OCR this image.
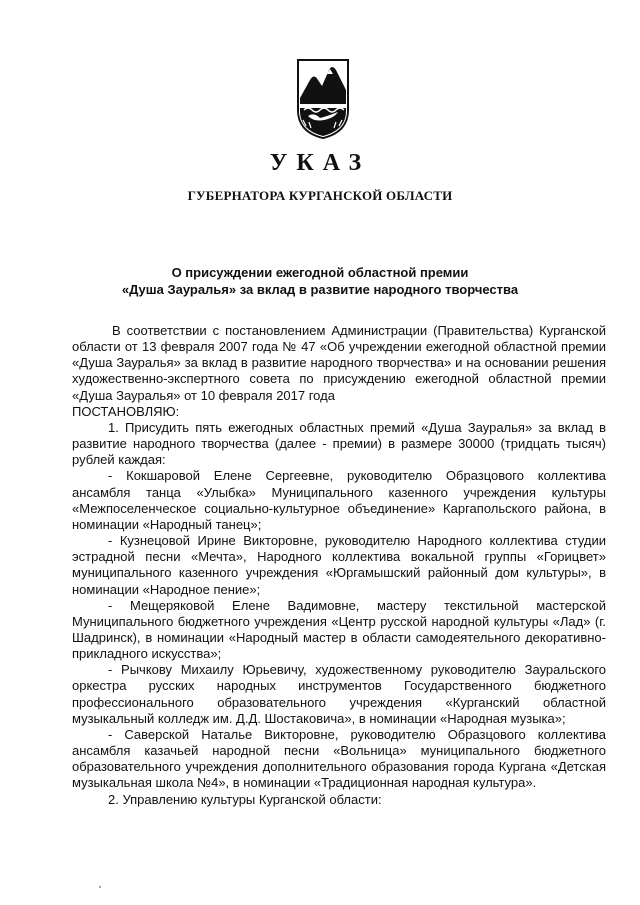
УКАЗ
ГУБЕРНАТОРА КУРГАНСКОЙ ОБЛАСТИ
О присуждении ежегодной областной премии
«Душа Зауралья» за вклад в развитие народного творчества

В соответствии с постановлением Администрации (Правительства) Курганской области от 13 февраля 2007 года № 47 «Об учреждении ежегодной областной премии «Душа Зауралья» за вклад в развитие народного творчества» и на основании решения художественно-экспертного совета по присуждению ежегодной областной премии «Душа Зауралья» от 10 февраля 2017 года

ПОСТАНОВЛЯЮ:

1. Присудить пять ежегодных областных премий «Душа Зауралья» за вклад в развитие народного творчества (далее - премии) в размере 30000 (тридцать тысяч) рублей каждая:

- Кокшаровой Елене Сергеевне, руководителю Образцового коллектива ансамбля танца «Улыбка» Муниципального казенного учреждения культуры «Межпоселенческое социально-культурное объединение» Каргапольского района, в номинации «Народный танец»;

- Кузнецовой Ирине Викторовне, руководителю Народного коллектива студии эстрадной песни «Мечта», Народного коллектива вокальной группы «Горицвет» муниципального казенного учреждения «Юргамышский районный дом культуры», в номинации «Народное пение»;

- Мещеряковой Елене Вадимовне, мастеру текстильной мастерской Муниципального бюджетного учреждения «Центр русской народной культуры «Лад» (г. Шадринск), в номинации «Народный мастер в области самодеятельного декоративно-прикладного искусства»;

- Рычкову Михаилу Юрьевичу, художественному руководителю Зауральского оркестра русских народных инструментов Государственного бюджетного профессионального образовательного учреждения «Курганский областной музыкальный колледж им. Д.Д. Шостаковича», в номинации «Народная музыка»;

- Саверской Наталье Викторовне, руководителю Образцового коллектива ансамбля казачьей народной песни «Вольница» муниципального бюджетного образовательного учреждения дополнительного образования города Кургана «Детская музыкальная школа №4», в номинации «Традиционная народная культура».

2. Управлению культуры Курганской области:
